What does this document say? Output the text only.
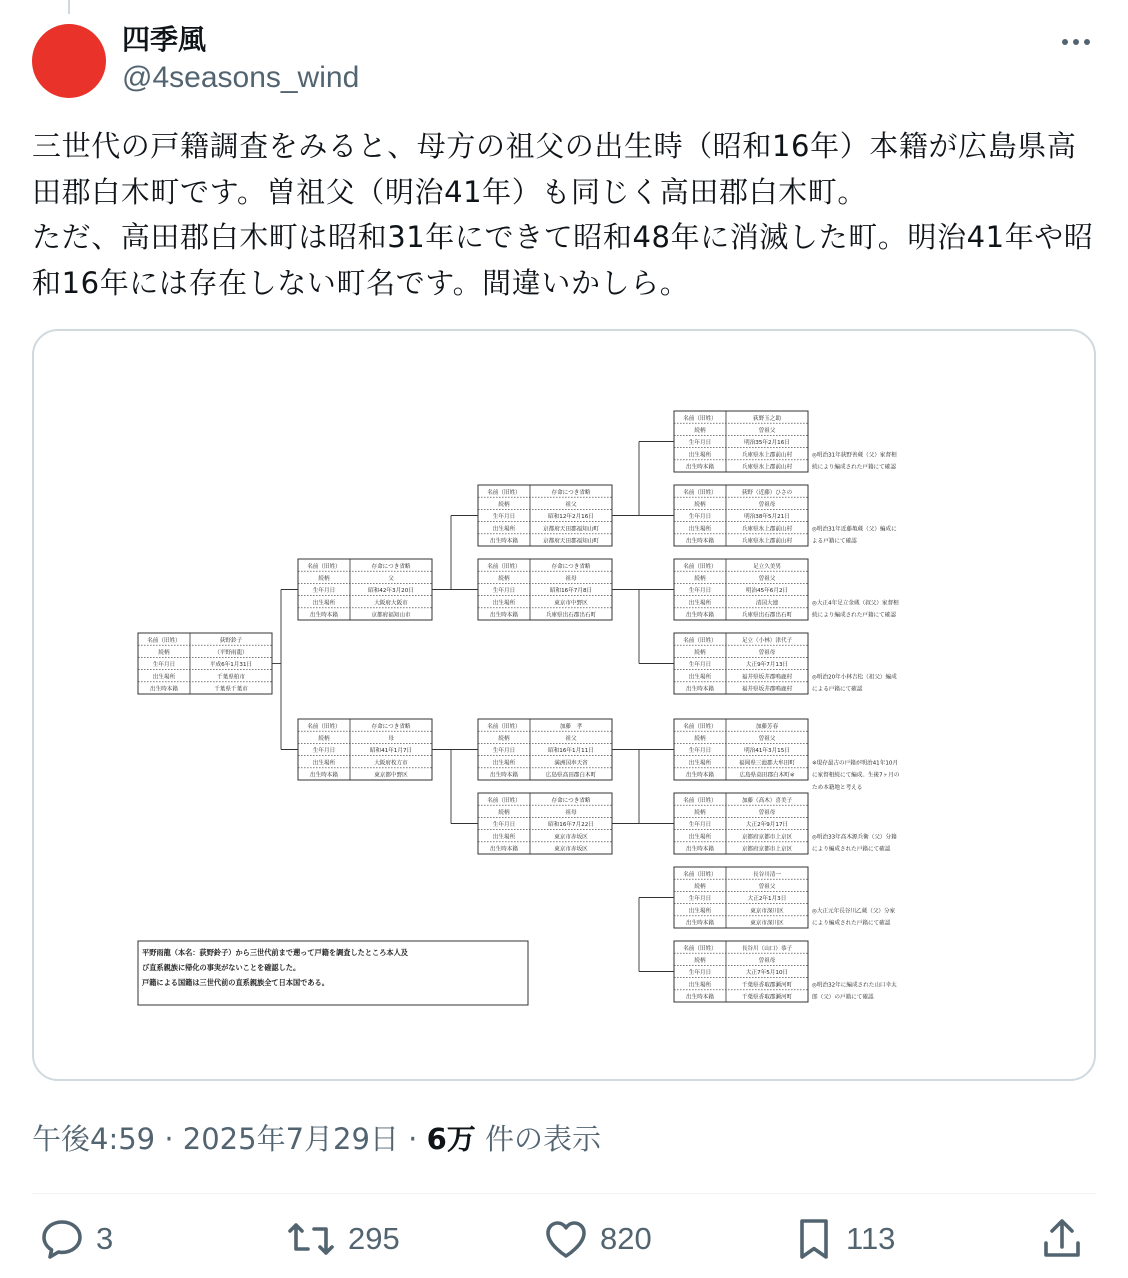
四季風
@4seasons_wind
三世代の戸籍調査をみると、母方の祖父の出生時（昭和16年）本籍が広島県高田郡白木町です。曽祖父（明治41年）も同じく高田郡白木町。
ただ、高田郡白木町は昭和31年にできて昭和48年に消滅した町。明治41年や昭和16年には存在しない町名です。間違いかしら。
名前（旧姓）	荻野鈴子
続柄	（平野雨龍）
生年月日	平成6年1月31日
出生場所	千葉県柏市
出生時本籍	千葉県千葉市
名前（旧姓）	存命につき省略
続柄	父
生年月日	昭和42年3月20日
出生場所	大阪府大阪市
出生時本籍	京都府福知山市
名前（旧姓）	存命につき省略
続柄	母
生年月日	昭和41年1月7日
出生場所	大阪府枚方市
出生時本籍	東京都中野区
名前（旧姓）	存命につき省略
続柄	祖父
生年月日	昭和12年2月16日
出生場所	京都府天田郡福知山町
出生時本籍	京都府天田郡福知山町
名前（旧姓）	存命につき省略
続柄	祖母
生年月日	昭和16年7月8日
出生場所	東京市中野区
出生時本籍	兵庫県出石郡出石町
名前（旧姓）	加藤　孝
続柄	祖父
生年月日	昭和16年1月11日
出生場所	満洲国奉天省
出生時本籍	広島県高田郡白木町
名前（旧姓）	存命につき省略
続柄	祖母
生年月日	昭和16年7月22日
出生場所	東京市赤坂区
出生時本籍	東京市赤坂区
名前（旧姓）	荻野玉之助
続柄	曽祖父
生年月日	明治35年2月16日
出生場所	兵庫県氷上郡前山村
出生時本籍	兵庫県氷上郡前山村
◎明治31年荻野善蔵（父）家督相
続により編成された戸籍にて確認
名前（旧姓）	荻野（近藤）ひさの
続柄	曽祖母
生年月日	明治38年5月21日
出生場所	兵庫県氷上郡前山村
出生時本籍	兵庫県氷上郡前山村
◎明治31年近藤亀蔵（父）編成に
よる戸籍にて確認
名前（旧姓）	足立久美男
続柄	曽祖父
生年月日	明治45年6月2日
出生場所	清国大連
出生時本籍	兵庫県出石郡出石町
◎大正4年足立金蔵（叔父）家督相
続により編成された戸籍にて確認
名前（旧姓）	足立（小林）津代子
続柄	曽祖母
生年月日	大正9年7月13日
出生場所	福井県坂井郡鳴鹿村
出生時本籍	福井県坂井郡鳴鹿村
◎明治20年小林吉松（祖父）編成
による戸籍にて確認
名前（旧姓）	加藤芳春
続柄	曽祖父
生年月日	明治41年3月15日
出生場所	福岡県三池郡大牟田町
出生時本籍	広島県高田郡白木町※
※現存最古の戸籍が明治41年10月
に家督相続にて編成。生後7ヶ月の
ため本籍地と考える
名前（旧姓）	加藤（高木）喜美子
続柄	曽祖母
生年月日	大正2年9月17日
出生場所	京都府京都市上京区
出生時本籍	京都府京都市上京区
◎明治33年高木源兵衛（父）分籍
により編成された戸籍にて確認
名前（旧姓）	長谷川清一
続柄	曽祖父
生年月日	大正2年1月3日
出生場所	東京市深川区
出生時本籍	東京市深川区
◎大正元年長谷川乙蔵（父）分家
により編成された戸籍にて確認
名前（旧姓）	長谷川（山口）恭子
続柄	曽祖母
生年月日	大正7年5月10日
出生場所	千葉県香取郡瀬河町
出生時本籍	千葉県香取郡瀬河町
◎明治32年に編成された山口幸太
郎（父）の戸籍にて確認
平野雨龍（本名：荻野鈴子）から三世代前まで遡って戸籍を調査したところ本人及
び直系親族に帰化の事実がないことを確認した。
戸籍による国籍は三世代前の直系親族全て日本国である。
午後4:59 · 2025年7月29日 · 6万 件の表示
3	295	820	113
